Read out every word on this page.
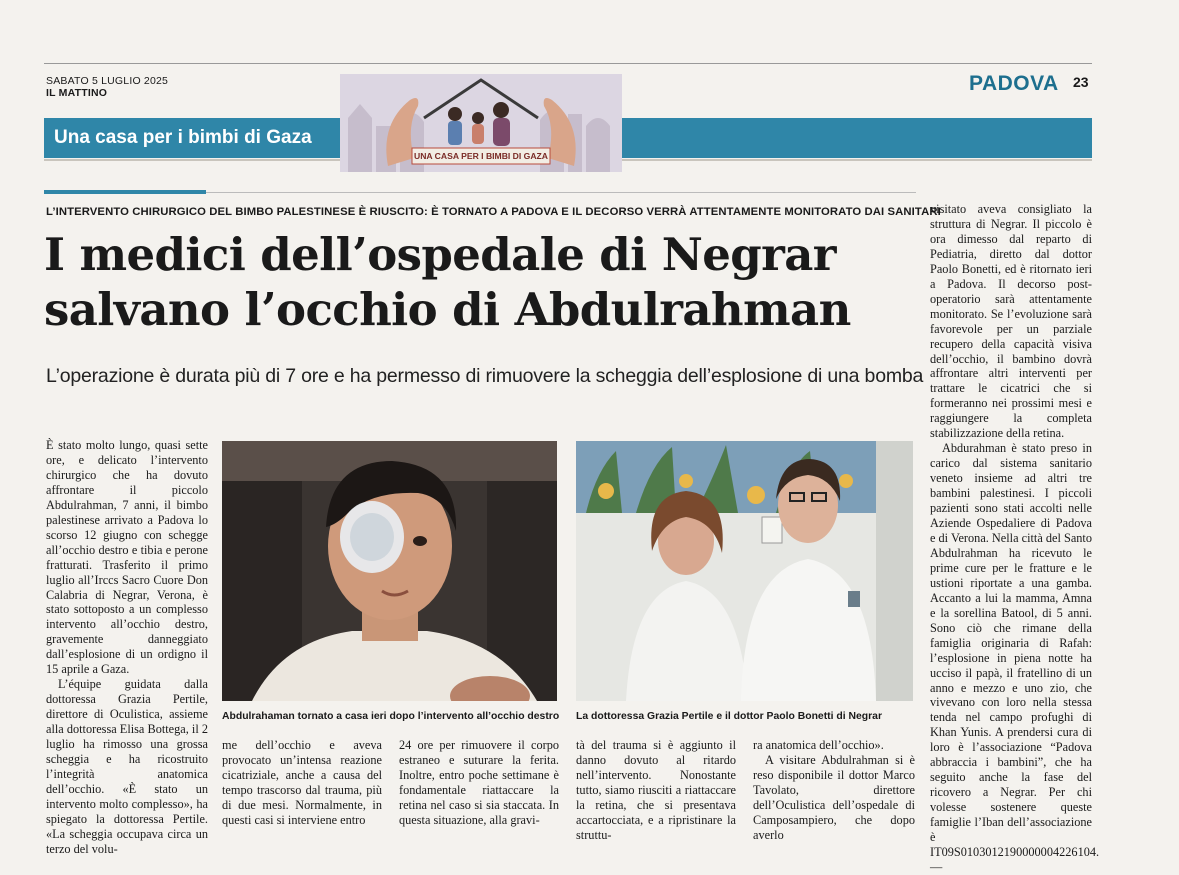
SABATO 5 LUGLIO 2025
IL MATTINO	PADOVA 23
Una casa per i bimbi di Gaza
UNA CASA PER I BIMBI DI GAZA
L’INTERVENTO CHIRURGICO DEL BIMBO PALESTINESE È RIUSCITO: È TORNATO A PADOVA E IL DECORSO VERRÀ ATTENTAMENTE MONITORATO DAI SANITARI
I medici dell’ospedale di Negrar
salvano l’occhio di Abdulrahman
L’operazione è durata più di 7 ore e ha permesso di rimuovere la scheggia dell’esplosione di una bomba

È stato molto lungo, quasi sette ore, e delicato l’intervento chirurgico che ha dovuto affrontare il piccolo Abdulrahman, 7 anni, il bimbo palestinese arrivato a Padova lo scorso 12 giugno con schegge all’occhio destro e tibia e perone fratturati. Trasferito il primo luglio all’Irccs Sacro Cuore Don Calabria di Negrar, Verona, è stato sottoposto a un complesso intervento all’occhio destro, gravemente danneggiato dall’esplosione di un ordigno il 15 aprile a Gaza.

L’équipe guidata dalla dottoressa Grazia Pertile, direttore di Oculistica, assieme alla dottoressa Elisa Bottega, il 2 luglio ha rimosso una grossa scheggia e ha ricostruito l’integrità anatomica dell’occhio. «È stato un intervento molto complesso», ha spiegato la dottoressa Pertile. «La scheggia occupava circa un terzo del volu-

Abdulrahaman tornato a casa ieri dopo l’intervento all’occhio destro La dottoressa Grazia Pertile e il dottor Paolo Bonetti di Negrar

me dell’occhio e aveva provocato un’intensa reazione cicatriziale, anche a causa del tempo trascorso dal trauma, più di due mesi. Normalmente, in questi casi si interviene entro

24 ore per rimuovere il corpo estraneo e suturare la ferita. Inoltre, entro poche settimane è fondamentale riattaccare la retina nel caso si sia staccata. In questa situazione, alla gravi-

tà del trauma si è aggiunto il danno dovuto al ritardo nell’intervento. Nonostante tutto, siamo riusciti a riattaccare la retina, che si presentava accartocciata, e a ripristinare la struttu-

ra anatomica dell’occhio».

A visitare Abdulrahman si è reso disponibile il dottor Marco Tavolato, direttore dell’Oculistica dell’ospedale di Camposampiero, che dopo averlo

visitato aveva consigliato la struttura di Negrar. Il piccolo è ora dimesso dal reparto di Pediatria, diretto dal dottor Paolo Bonetti, ed è ritornato ieri a Padova. Il decorso post-operatorio sarà attentamente monitorato. Se l’evoluzione sarà favorevole per un parziale recupero della capacità visiva dell’occhio, il bambino dovrà affrontare altri interventi per trattare le cicatrici che si formeranno nei prossimi mesi e raggiungere la completa stabilizzazione della retina.

Abdurahman è stato preso in carico dal sistema sanitario veneto insieme ad altri tre bambini palestinesi. I piccoli pazienti sono stati accolti nelle Aziende Ospedaliere di Padova e di Verona. Nella città del Santo Abdulrahman ha ricevuto le prime cure per le fratture e le ustioni riportate a una gamba. Accanto a lui la mamma, Amna e la sorellina Batool, di 5 anni. Sono ciò che rimane della famiglia originaria di Rafah: l’esplosione in piena notte ha ucciso il papà, il fratellino di un anno e mezzo e uno zio, che vivevano con loro nella stessa tenda nel campo profughi di Khan Yunis. A prendersi cura di loro è l’associazione “Padova abbraccia i bambini”, che ha seguito anche la fase del ricovero a Negrar. Per chi volesse sostenere queste famiglie l’Iban dell’associazione è IT09S0103012190000004226104. —
